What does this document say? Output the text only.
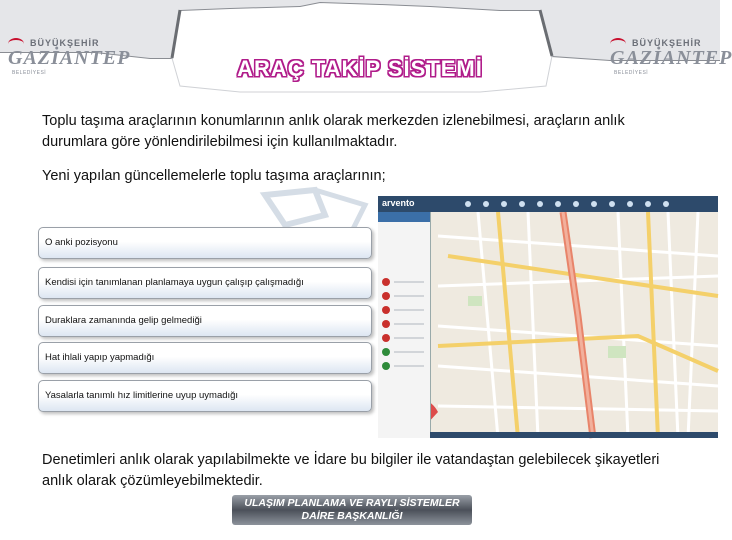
BÜYÜKŞEHİR
GAZİANTEP
BELEDİYESİ
BÜYÜKŞEHİR
GAZİANTEP
BELEDİYESİ
ARAÇ TAKİP SİSTEMİ
Toplu taşıma araçlarının konumlarının anlık olarak merkezden izlenebilmesi, araçların anlık durumlara göre yönlendirilebilmesi için kullanılmaktadır.
Yeni yapılan güncellemelerle toplu taşıma araçlarının;
O anki pozisyonu
Kendisi için tanımlanan planlamaya uygun çalışıp çalışmadığı
Duraklara zamanında gelip gelmediği
Hat ihlali yapıp yapmadığı
Yasalarla tanımlı hız limitlerine uyup uymadığı
arvento
Denetimleri anlık olarak yapılabilmekte ve İdare bu bilgiler ile vatandaştan gelebilecek şikayetleri anlık olarak çözümleyebilmektedir.
ULAŞIM PLANLAMA VE RAYLI SİSTEMLER
DAİRE BAŞKANLIĞI
